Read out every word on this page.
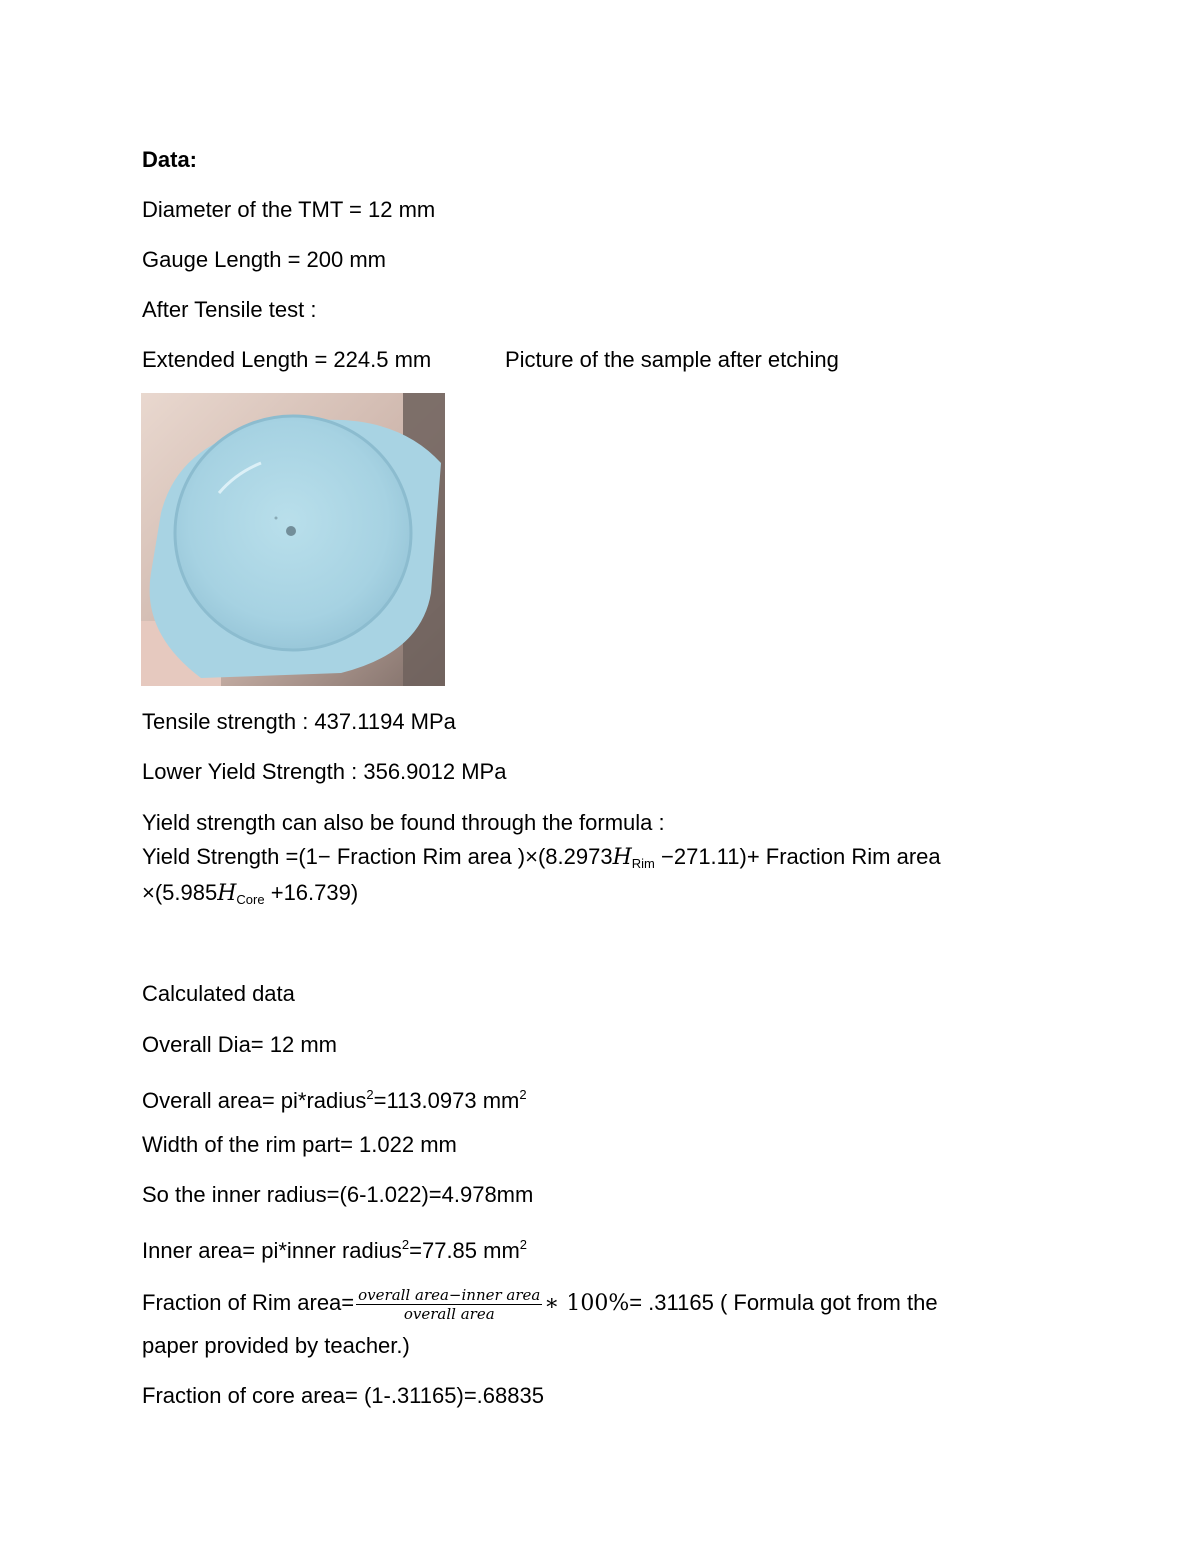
Data:
Diameter of the TMT = 12 mm
Gauge Length = 200 mm
After Tensile test :
Extended Length = 224.5 mm	Picture of the sample after etching
Tensile strength : 437.1194 MPa
Lower Yield Strength : 356.9012 MPa
Yield strength can also be found through the formula :
Yield Strength =(1− Fraction Rim area )$\times(8.2973H_{Rim} -271.11)+$ Fraction Rim area
$\times(5.985H_{Core} +16.739)$
Calculated data
Overall Dia= 12 mm
Overall area= pi*radius$^2$=113.0973 $mm^2$
Width of the rim part= 1.022 mm
So the inner radius=(6-1.022)=4.978mm
Inner area= pi*inner radius$^2$=77.85 $mm^2$
Fraction of Rim area= $\frac{\text{overall area−inner area}}{\text{overall area}}$ ∗ 100%= .31165 ( Formula got from the
paper provided by teacher.)
Fraction of core area= (1-.31165)=.68835
